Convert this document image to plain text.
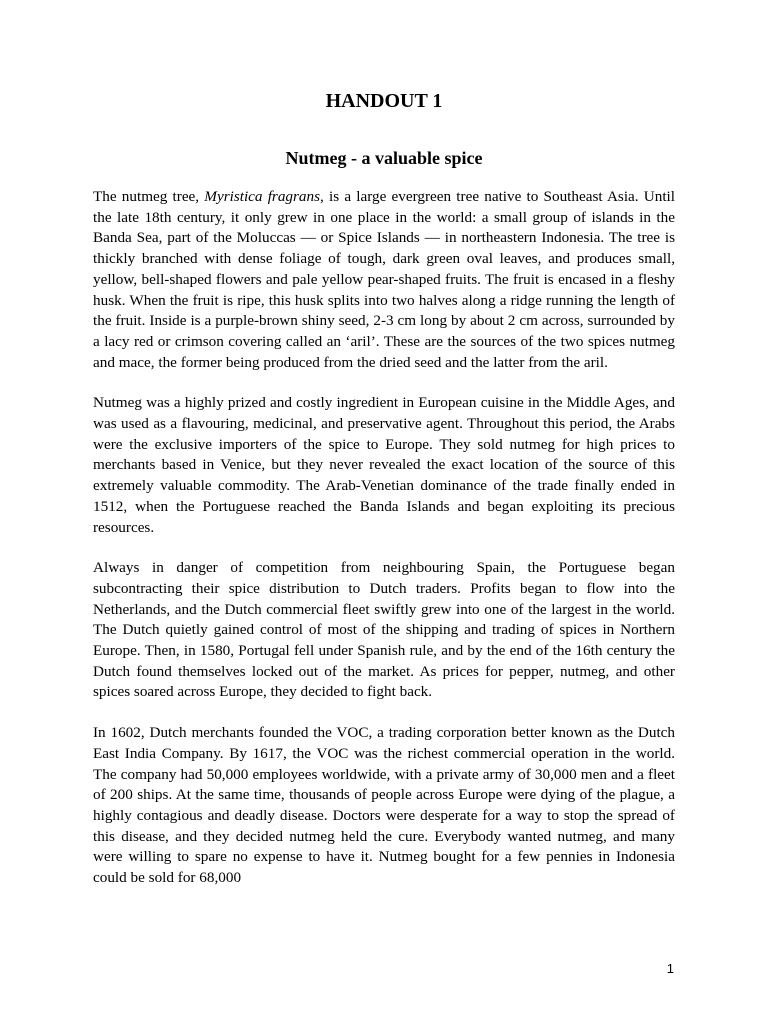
HANDOUT 1
Nutmeg - a valuable spice

The nutmeg tree, Myristica fragrans, is a large evergreen tree native to Southeast Asia. Until the late 18th century, it only grew in one place in the world: a small group of islands in the Banda Sea, part of the Moluccas — or Spice Islands — in northeastern Indonesia. The tree is thickly branched with dense foliage of tough, dark green oval leaves, and produces small, yellow, bell-shaped flowers and pale yellow pear-shaped fruits. The fruit is encased in a fleshy husk. When the fruit is ripe, this husk splits into two halves along a ridge running the length of the fruit. Inside is a purple-brown shiny seed, 2-3 cm long by about 2 cm across, surrounded by a lacy red or crimson covering called an ‘aril’. These are the sources of the two spices nutmeg and mace, the former being produced from the dried seed and the latter from the aril.

Nutmeg was a highly prized and costly ingredient in European cuisine in the Middle Ages, and was used as a flavouring, medicinal, and preservative agent. Throughout this period, the Arabs were the exclusive importers of the spice to Europe. They sold nutmeg for high prices to merchants based in Venice, but they never revealed the exact location of the source of this extremely valuable commodity. The Arab-Venetian dominance of the trade finally ended in 1512, when the Portuguese reached the Banda Islands and began exploiting its precious resources.

Always in danger of competition from neighbouring Spain, the Portuguese began subcontracting their spice distribution to Dutch traders. Profits began to flow into the Netherlands, and the Dutch commercial fleet swiftly grew into one of the largest in the world. The Dutch quietly gained control of most of the shipping and trading of spices in Northern Europe. Then, in 1580, Portugal fell under Spanish rule, and by the end of the 16th century the Dutch found themselves locked out of the market. As prices for pepper, nutmeg, and other spices soared across Europe, they decided to fight back.

In 1602, Dutch merchants founded the VOC, a trading corporation better known as the Dutch East India Company. By 1617, the VOC was the richest commercial operation in the world. The company had 50,000 employees worldwide, with a private army of 30,000 men and a fleet of 200 ships. At the same time, thousands of people across Europe were dying of the plague, a highly contagious and deadly disease. Doctors were desperate for a way to stop the spread of this disease, and they decided nutmeg held the cure. Everybody wanted nutmeg, and many were willing to spare no expense to have it. Nutmeg bought for a few pennies in Indonesia could be sold for 68,000

1
